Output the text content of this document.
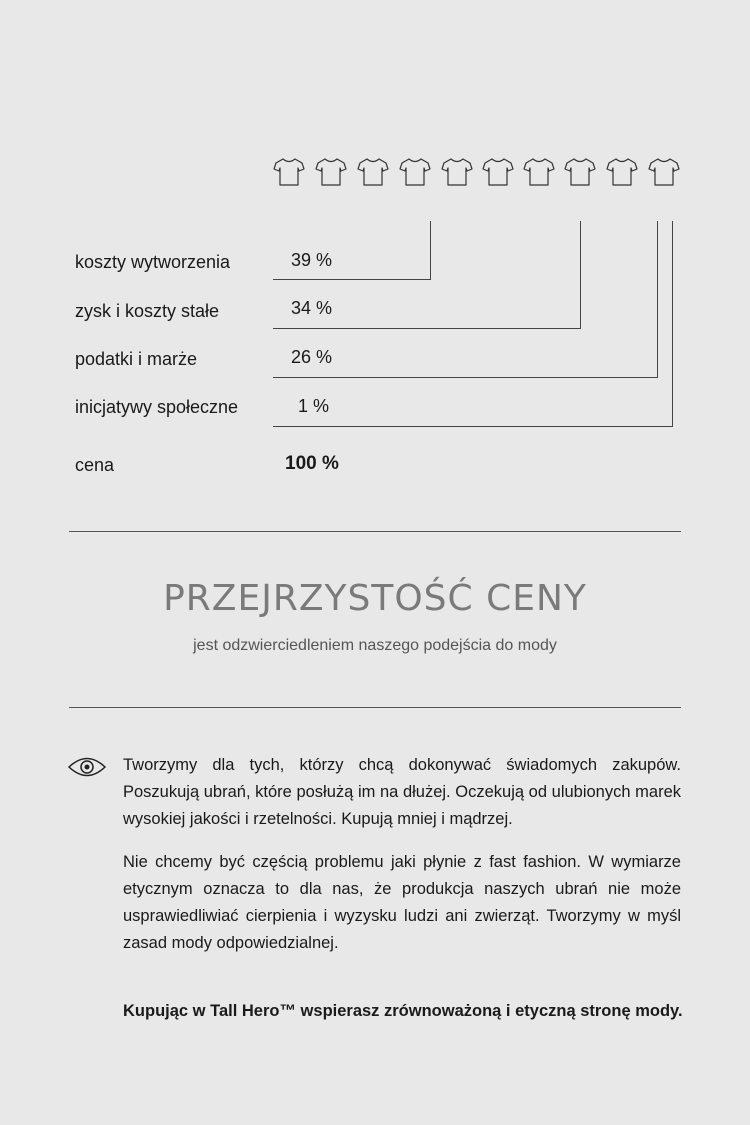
koszty wytworzenia	39 %
zysk i koszty stałe	34 %
podatki i marże	26 %
inicjatywy społeczne	1 %
cena	100 %
PRZEJRZYSTOŚĆ CENY
jest odzwierciedleniem naszego podejścia do mody

Tworzymy dla tych, którzy chcą dokonywać świadomych zakupów. Poszukują ubrań, które posłużą im na dłużej. Oczekują od ulubionych marek wysokiej jakości i rzetelności. Kupują mniej i mądrzej.

Nie chcemy być częścią problemu jaki płynie z fast fashion. W wymiarze etycznym oznacza to dla nas, że produkcja naszych ubrań nie może usprawiedliwiać cierpienia i wyzysku ludzi ani zwierząt. Tworzymy w myśl zasad mody odpowiedzialnej.

Kupując w Tall Hero™ wspierasz zrównoważoną i etyczną stronę mody.
